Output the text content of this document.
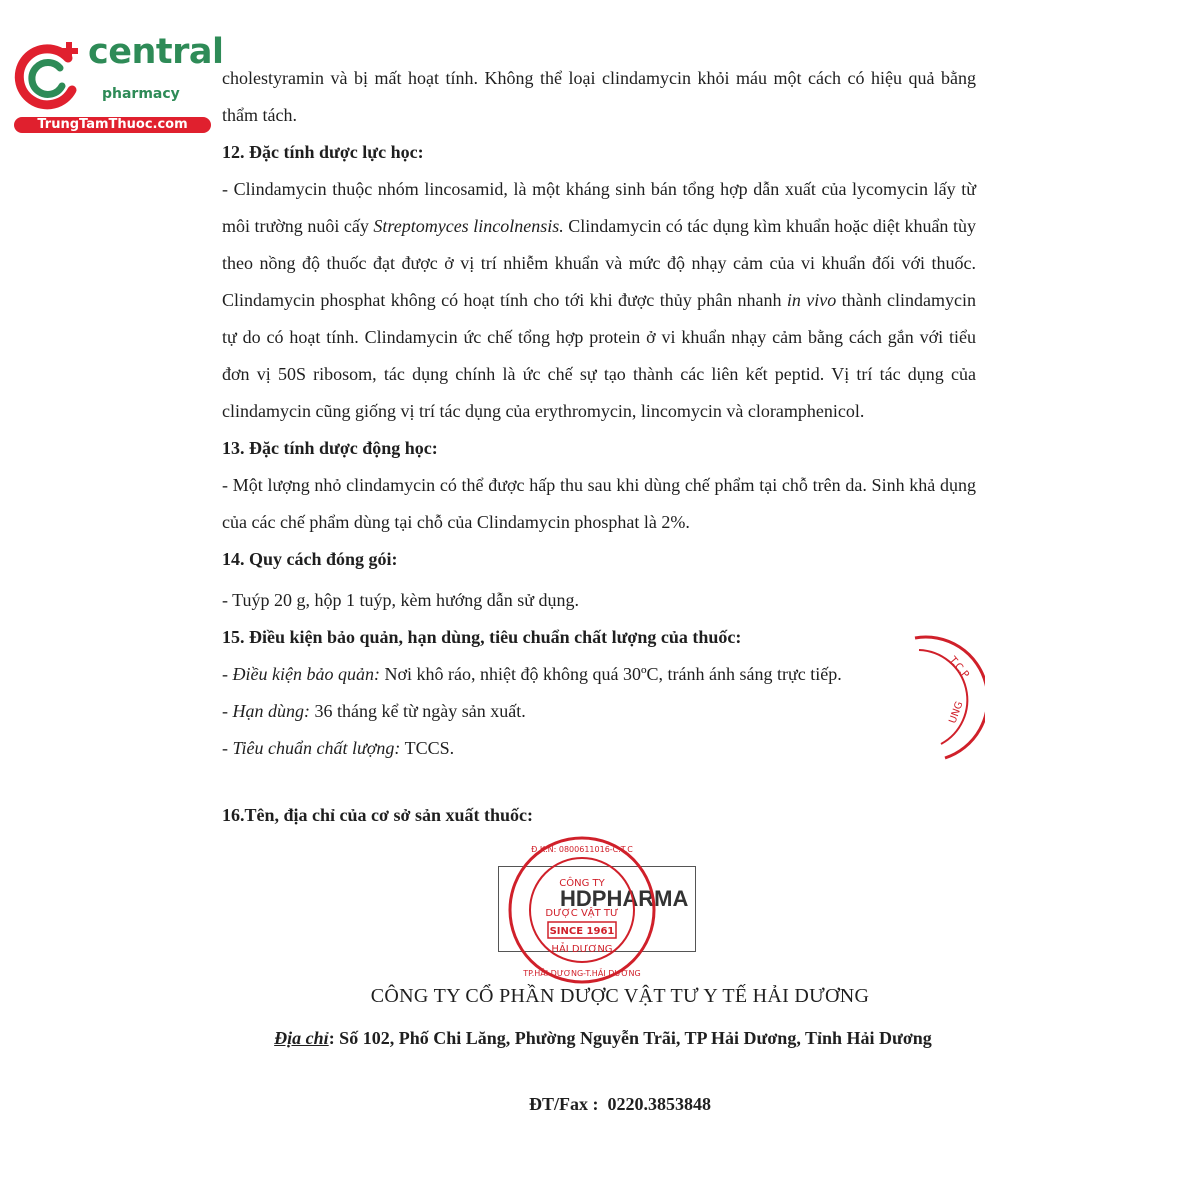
central
pharmacy
TrungTamThuoc.com

cholestyramin và bị mất hoạt tính. Không thể loại clindamycin khỏi máu một cách có hiệu quả bằng thẩm tách.

12. Đặc tính dược lực học:

- Clindamycin thuộc nhóm lincosamid, là một kháng sinh bán tổng hợp dẫn xuất của lycomycin lấy từ môi trường nuôi cấy Streptomyces lincolnensis. Clindamycin có tác dụng kìm khuẩn hoặc diệt khuẩn tùy theo nồng độ thuốc đạt được ở vị trí nhiễm khuẩn và mức độ nhạy cảm của vi khuẩn đối với thuốc. Clindamycin phosphat không có hoạt tính cho tới khi được thủy phân nhanh in vivo thành clindamycin tự do có hoạt tính. Clindamycin ức chế tổng hợp protein ở vi khuẩn nhạy cảm bằng cách gắn với tiểu đơn vị 50S ribosom, tác dụng chính là ức chế sự tạo thành các liên kết peptid. Vị trí tác dụng của clindamycin cũng giống vị trí tác dụng của erythromycin, lincomycin và cloramphenicol.

13. Đặc tính dược động học:

- Một lượng nhỏ clindamycin có thể được hấp thu sau khi dùng chế phẩm tại chỗ trên da. Sinh khả dụng của các chế phẩm dùng tại chỗ của Clindamycin phosphat là 2%.

14. Quy cách đóng gói:

- Tuýp 20 g, hộp 1 tuýp, kèm hướng dẫn sử dụng.

15. Điều kiện bảo quản, hạn dùng, tiêu chuẩn chất lượng của thuốc:

- Điều kiện bảo quản: Nơi khô ráo, nhiệt độ không quá 30ºC, tránh ánh sáng trực tiếp.

- Hạn dùng: 36 tháng kể từ ngày sản xuất.

- Tiêu chuẩn chất lượng: TCCS.

16.Tên, địa chỉ của cơ sở sản xuất thuốc:

T.C.P
UNG
HDPHARMA
CÔNG TY
DƯỢC VẬT TƯ
SINCE 1961
HẢI DƯƠNG
Đ.K.N: 0800611016-C.T.C
TP.HẢI DƯƠNG-T.HẢI DƯƠNG
CÔNG TY CỔ PHẦN DƯỢC VẬT TƯ Y TẾ HẢI DƯƠNG
Địa chỉ: Số 102, Phố Chi Lăng, Phường Nguyễn Trãi, TP Hải Dương, Tỉnh Hải Dương
ĐT/Fax : 0220.3853848
